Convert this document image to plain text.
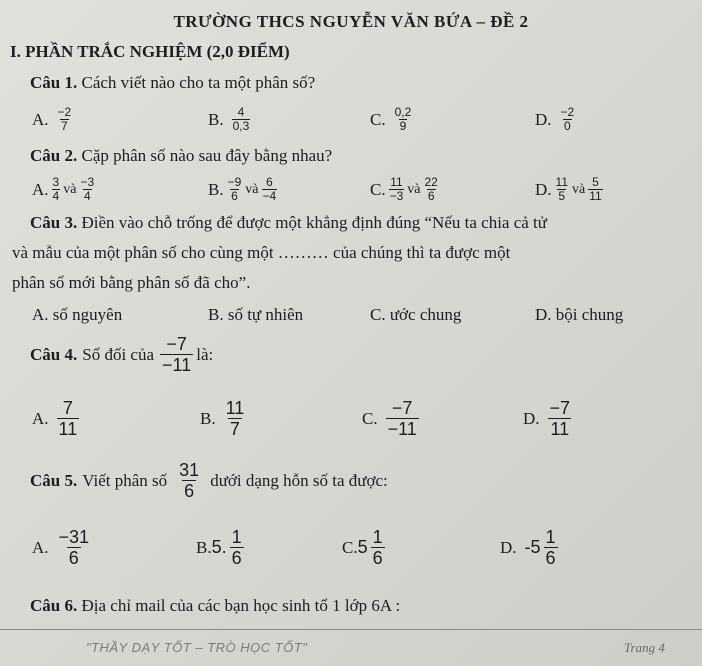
TRƯỜNG THCS NGUYỄN VĂN BỨA – ĐỀ 2
I. PHẦN TRẮC NGHIỆM (2,0 ĐIỂM)
Câu 1. Cách viết nào cho ta một phân số?
A. $\frac{-2}{7}$	B. $\frac{4}{0,3}$	C. $\frac{0,2}{9}$	D. $\frac{-2}{0}$
Câu 2. Cặp phân số nào sau đây bằng nhau?
A. $\frac{3}{4}$ và $\frac{-3}{4}$	B. $\frac{-9}{6}$ và $\frac{6}{-4}$	C. $\frac{11}{-3}$ và $\frac{22}{6}$	D. $\frac{11}{5}$ và $\frac{5}{11}$
Câu 3. Điền vào chỗ trống để được một khẳng định đúng “Nếu ta chia cả tử
và mẫu của một phân số cho cùng một ……… của chúng thì ta được một
phân số mới bằng phân số đã cho”.
A. số nguyên	B. số tự nhiên	C. ước chung	D. bội chung
Câu 4. Số đối của $\frac{-7}{-11}$ là:
A. $\frac{7}{11}$	B. $\frac{11}{7}$	C. $\frac{-7}{-11}$	D. $\frac{-7}{11}$
Câu 5. Viết phân số $\frac{31}{6}$ dưới dạng hỗn số ta được:
A. $\frac{-31}{6}$	B. 5. $\frac{1}{6}$	C. $5 \frac{1}{6}$	D. $-5 \frac{1}{6}$
Câu 6. Địa chỉ mail của các bạn học sinh tổ 1 lớp 6A :
"THẦY DẠY TỐT – TRÒ HỌC TỐT"	Trang 4
